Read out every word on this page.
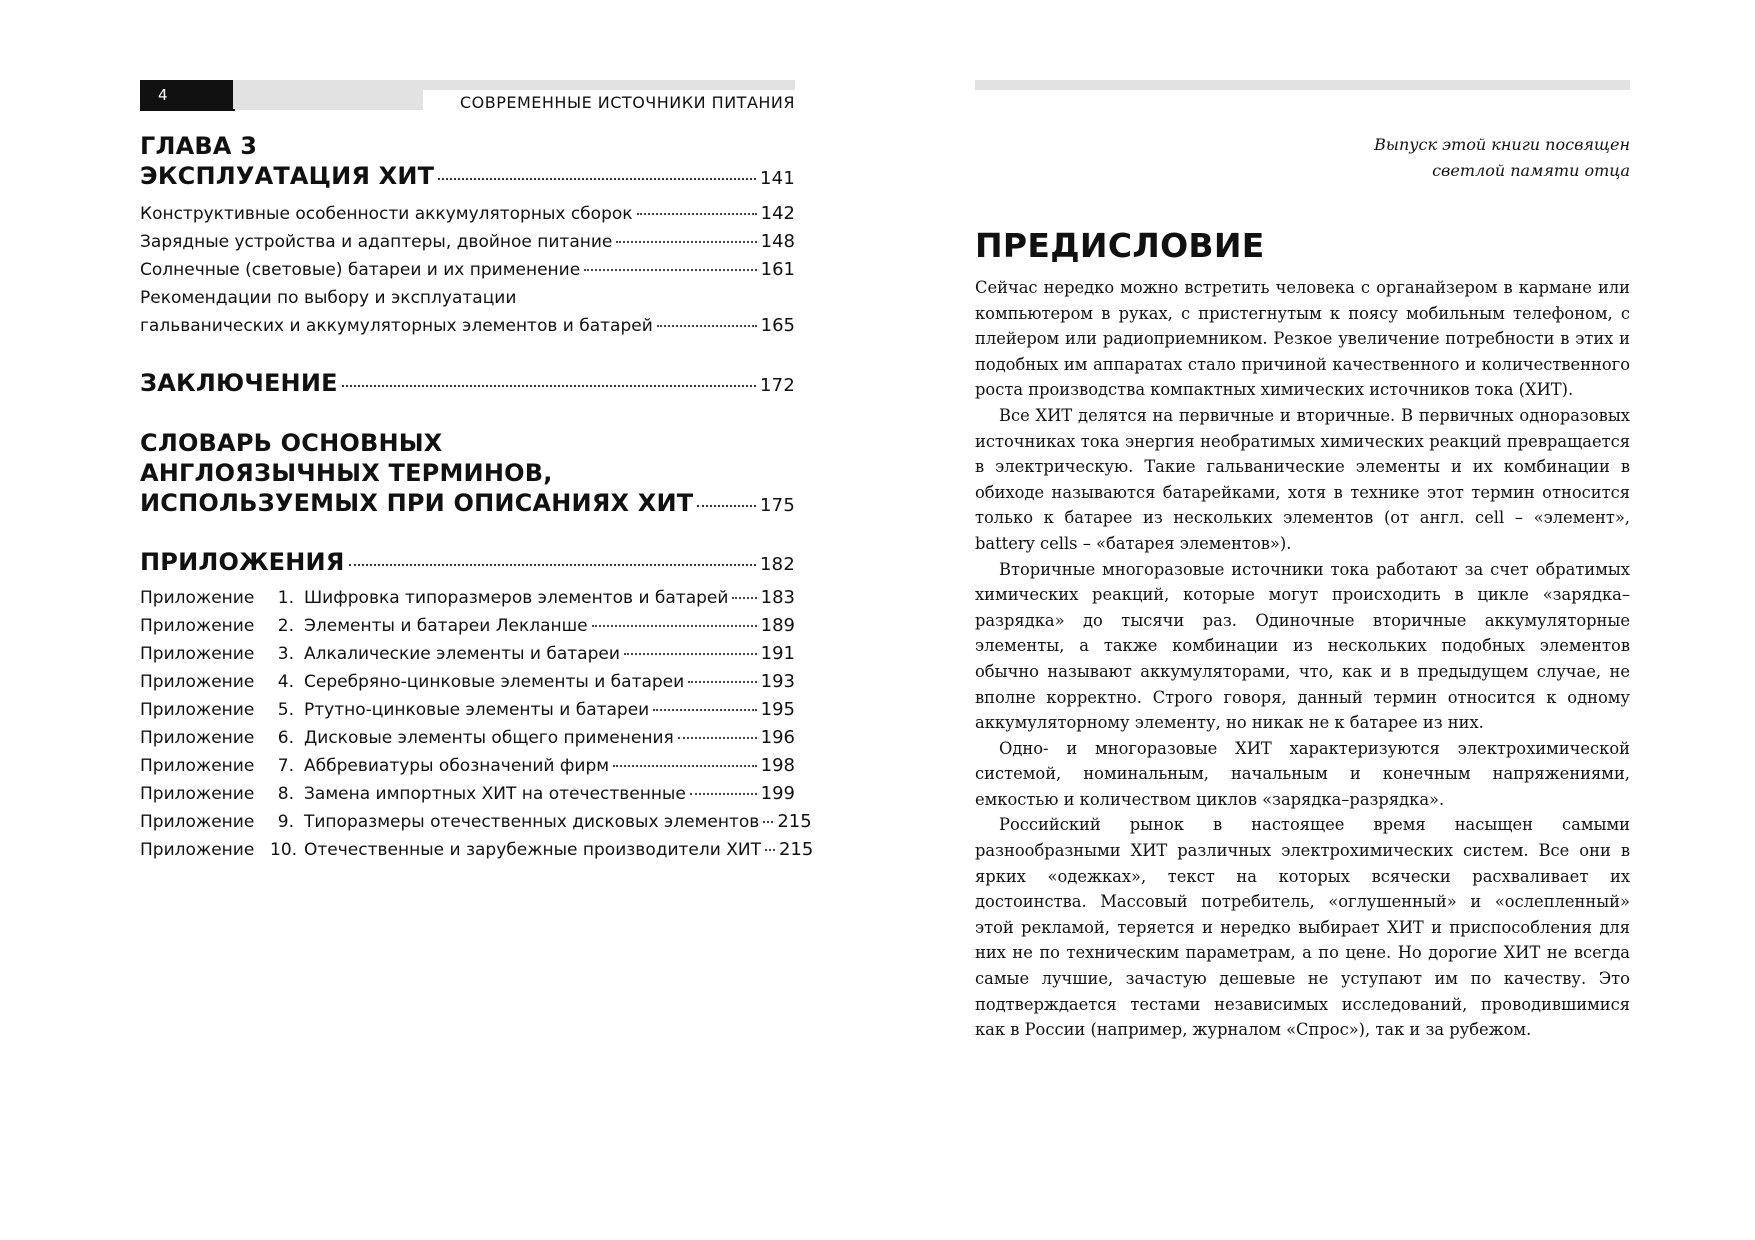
4	СОВРЕМЕННЫЕ ИСТОЧНИКИ ПИТАНИЯ
ГЛАВА 3
ЭКСПЛУАТАЦИЯ ХИТ	141
Конструктивные особенности аккумуляторных сборок	142
Зарядные устройства и адаптеры, двойное питание	148
Солнечные (световые) батареи и их применение	161
Рекомендации по выбору и эксплуатации
гальванических и аккумуляторных элементов и батарей	165
ЗАКЛЮЧЕНИЕ	172
СЛОВАРЬ ОСНОВНЫХ
АНГЛОЯЗЫЧНЫХ ТЕРМИНОВ,
ИСПОЛЬЗУЕМЫХ ПРИ ОПИСАНИЯХ ХИТ	175
ПРИЛОЖЕНИЯ	182
Приложение 1. Шифровка типоразмеров элементов и батарей 183
Приложение 2. Элементы и батареи Лекланше	189
Приложение 3. Алкалические элементы и батареи	191
Приложение 4. Серебряно-цинковые элементы и батареи	193
Приложение 5. Ртутно-цинковые элементы и батареи	195
Приложение 6. Дисковые элементы общего применения	196
Приложение 7. Аббревиатуры обозначений фирм	198
Приложение 8. Замена импортных ХИТ на отечественные	199
Приложение 9. Типоразмеры отечественных дисковых элементов 215
Приложение 10. Отечественные и зарубежные производители ХИТ 215
Выпуск этой книги посвящен
светлой памяти отца
ПРЕДИСЛОВИЕ

Сейчас нередко можно встретить человека с органайзером в кармане или компьютером в руках, с пристегнутым к поясу мобильным телефоном, с плейером или радиоприемником. Резкое увеличение потребности в этих и подобных им аппаратах стало причиной качественного и количественного роста производства компактных химических источников тока (ХИТ).

Все ХИТ делятся на первичные и вторичные. В первичных одноразовых источниках тока энергия необратимых химических реакций превращается в электрическую. Такие гальванические элементы и их комбинации в обиходе называются батарейками, хотя в технике этот термин относится только к батарее из нескольких элементов (от англ. cell – «элемент», battery cells – «батарея элементов»).

Вторичные многоразовые источники тока работают за счет обратимых химических реакций, которые могут происходить в цикле «зарядка–разрядка» до тысячи раз. Одиночные вторичные аккумуляторные элементы, а также комбинации из нескольких подобных элементов обычно называют аккумуляторами, что, как и в предыдущем случае, не вполне корректно. Строго говоря, данный термин относится к одному аккумуляторному элементу, но никак не к батарее из них.

Одно- и многоразовые ХИТ характеризуются электрохимической системой, номинальным, начальным и конечным напряжениями, емкостью и количеством циклов «зарядка–разрядка».

Российский рынок в настоящее время насыщен самыми разнообразными ХИТ различных электрохимических систем. Все они в ярких «одежках», текст на которых всячески расхваливает их достоинства. Массовый потребитель, «оглушенный» и «ослепленный» этой рекламой, теряется и нередко выбирает ХИТ и приспособления для них не по техническим параметрам, а по цене. Но дорогие ХИТ не всегда самые лучшие, зачастую дешевые не уступают им по качеству. Это подтверждается тестами независимых исследований, проводившимися как в России (например, журналом «Спрос»), так и за рубежом.
